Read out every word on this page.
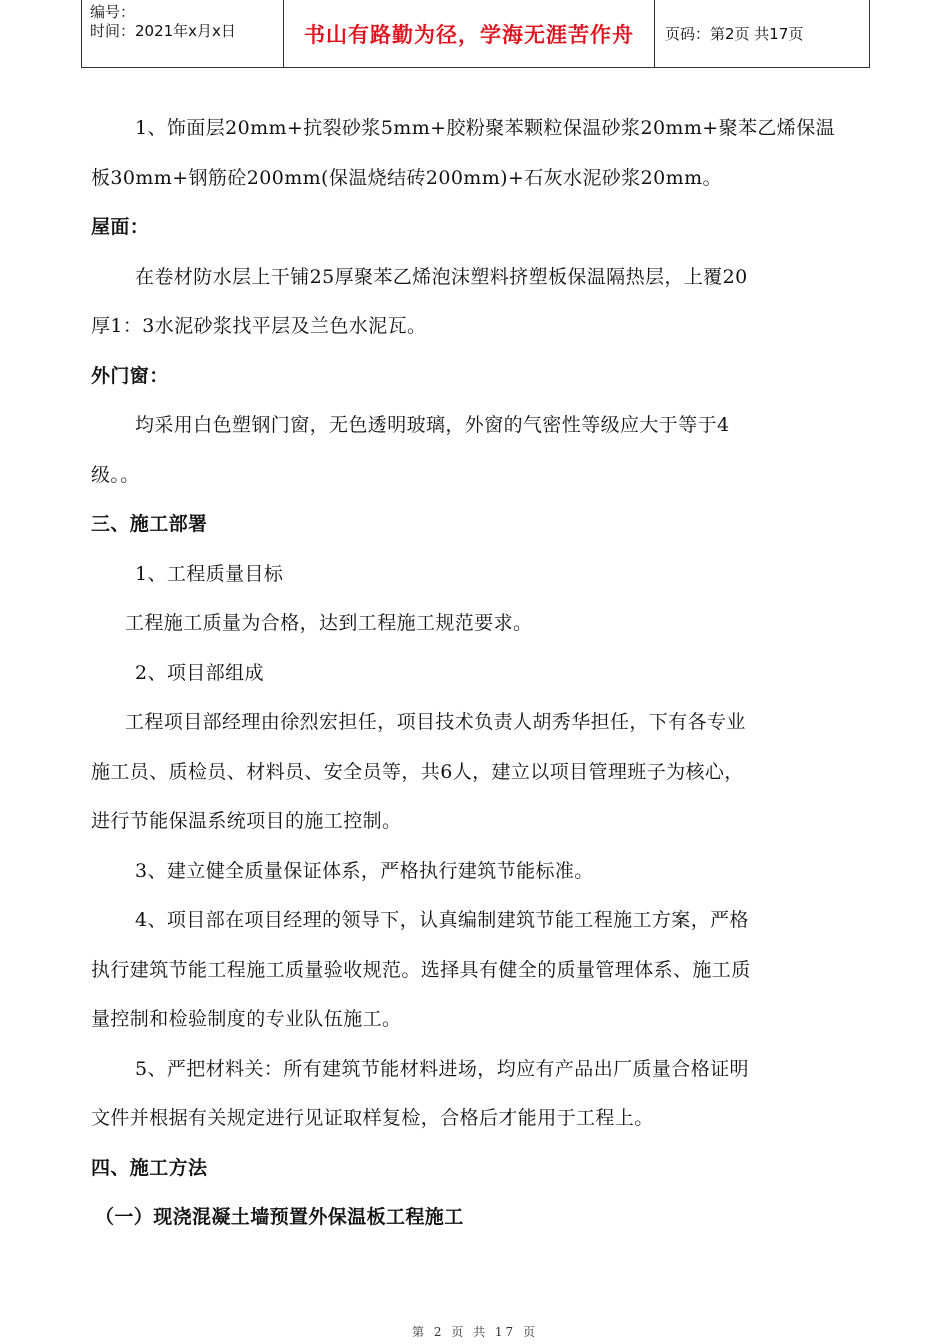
编号：
时间：2021年x月x日	书山有路勤为径，学海无涯苦作舟	页码：第2页 共17页

1、饰面层20mm+抗裂砂浆5mm+胶粉聚苯颗粒保温砂浆20mm+聚苯乙烯保温

板30mm+钢筋砼200mm(保温烧结砖200mm)+石灰水泥砂浆20mm。

屋面：

在卷材防水层上干铺25厚聚苯乙烯泡沫塑料挤塑板保温隔热层，上覆20

厚1：3水泥砂浆找平层及兰色水泥瓦。

外门窗：

均采用白色塑钢门窗，无色透明玻璃，外窗的气密性等级应大于等于4

级。。

三、施工部署

1、工程质量目标

工程施工质量为合格，达到工程施工规范要求。

2、项目部组成

工程项目部经理由徐烈宏担任，项目技术负责人胡秀华担任，下有各专业

施工员、质检员、材料员、安全员等，共6人，建立以项目管理班子为核心，

进行节能保温系统项目的施工控制。

3、建立健全质量保证体系，严格执行建筑节能标准。

4、项目部在项目经理的领导下，认真编制建筑节能工程施工方案，严格

执行建筑节能工程施工质量验收规范。选择具有健全的质量管理体系、施工质

量控制和检验制度的专业队伍施工。

5、严把材料关：所有建筑节能材料进场，均应有产品出厂质量合格证明

文件并根据有关规定进行见证取样复检，合格后才能用于工程上。

四、施工方法

（一）现浇混凝土墙预置外保温板工程施工

第 2 页 共 17 页
